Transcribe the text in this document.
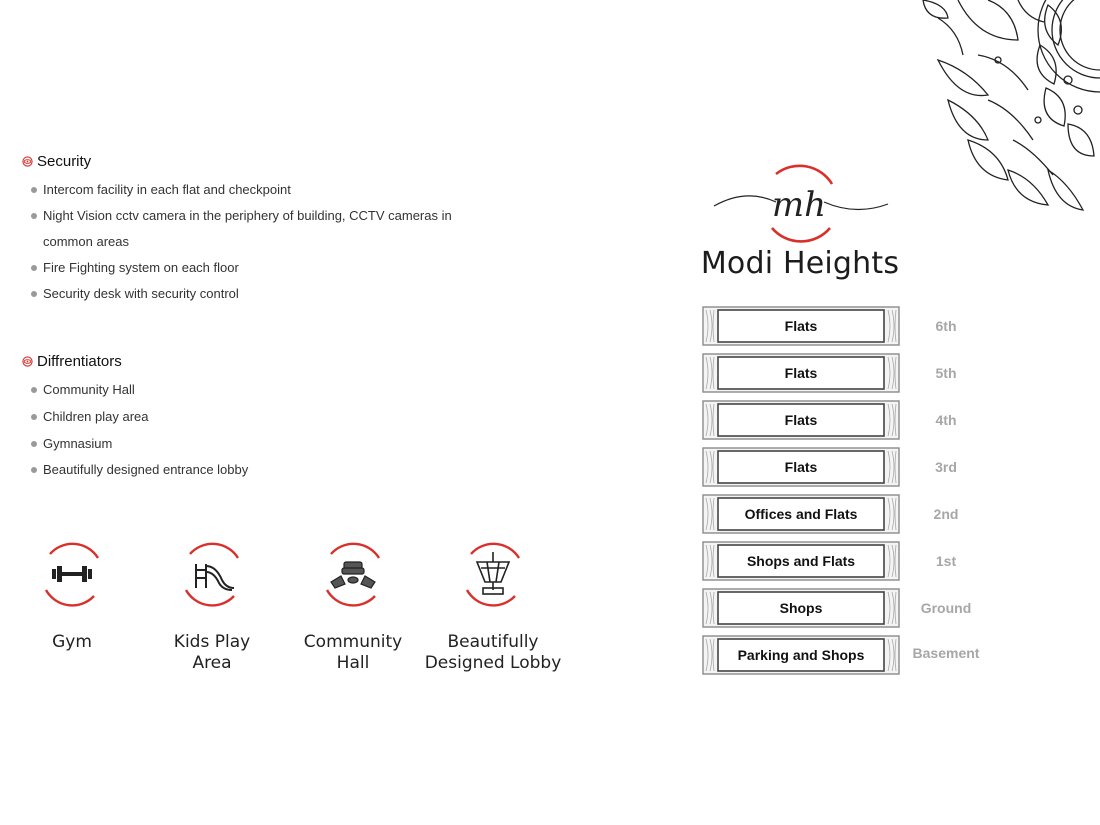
Security
Intercom facility in each flat and checkpoint
Night Vision cctv camera in the periphery of building, CCTV cameras in
common areas
Fire Fighting system on each floor
Security desk with security control
Diffrentiators
Community Hall
Children play area
Gymnasium
Beautifully designed entrance lobby
Gym	Kids Play
Area
Community
Hall
Beautifully
Designed Lobby
mh
Modi Heights
Flats	6th
Flats	5th
Flats	4th
Flats	3rd
Offices and Flats	2nd
Shops and Flats	1st
Shops	Ground
Parking and Shops	Basement
